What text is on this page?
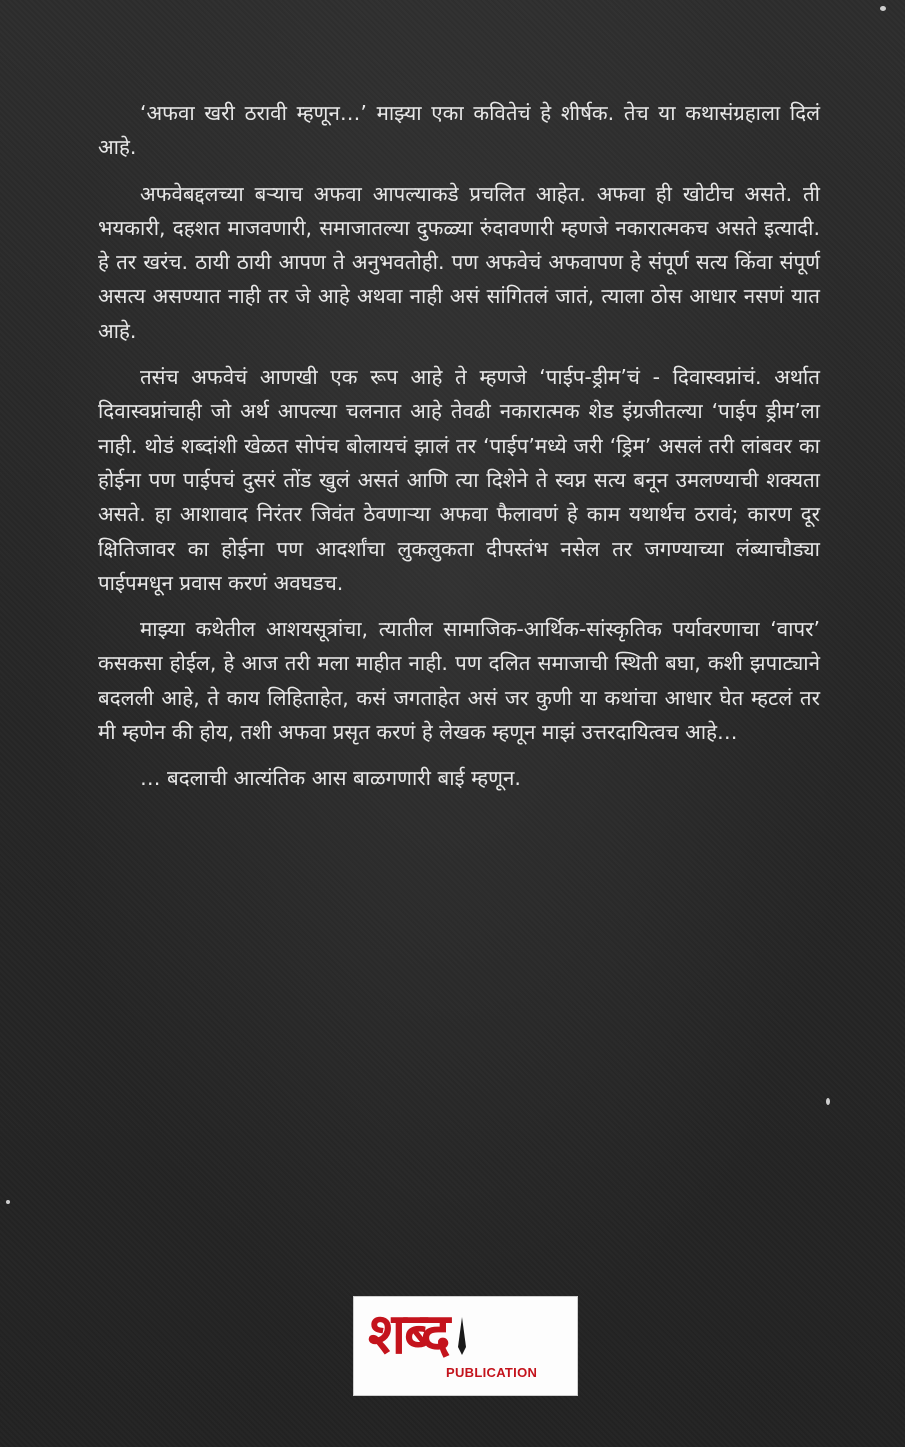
‘अफवा खरी ठरावी म्हणून…’ माझ्या एका कवितेचं हे शीर्षक. तेच या कथासंग्रहाला दिलं आहे.

अफवेबद्दलच्या बऱ्याच अफवा आपल्याकडे प्रचलित आहेत. अफवा ही खोटीच असते. ती भयकारी, दहशत माजवणारी, समाजातल्या दुफळ्या रुंदावणारी म्हणजे नकारात्मकच असते इत्यादी. हे तर खरंच. ठायी ठायी आपण ते अनुभवतोही. पण अफवेचं अफवापण हे संपूर्ण सत्य किंवा संपूर्ण असत्य असण्यात नाही तर जे आहे अथवा नाही असं सांगितलं जातं, त्याला ठोस आधार नसणं यात आहे.

तसंच अफवेचं आणखी एक रूप आहे ते म्हणजे ‘पाईप-ड्रीम’चं - दिवास्वप्नांचं. अर्थात दिवास्वप्नांचाही जो अर्थ आपल्या चलनात आहे तेवढी नकारात्मक शेड इंग्रजीतल्या ‘पाईप ड्रीम’ला नाही. थोडं शब्दांशी खेळत सोपंच बोलायचं झालं तर ‘पाईप’मध्ये जरी ‘ड्रिम’ असलं तरी लांबवर का होईना पण पाईपचं दुसरं तोंड खुलं असतं आणि त्या दिशेने ते स्वप्न सत्य बनून उमलण्याची शक्यता असते. हा आशावाद निरंतर जिवंत ठेवणाऱ्या अफवा फैलावणं हे काम यथार्थच ठरावं; कारण दूर क्षितिजावर का होईना पण आदर्शांचा लुकलुकता दीपस्तंभ नसेल तर जगण्याच्या लंब्याचौड्या पाईपमधून प्रवास करणं अवघडच.

माझ्या कथेतील आशयसूत्रांचा, त्यातील सामाजिक-आर्थिक-सांस्कृतिक पर्यावरणाचा ‘वापर’ कसकसा होईल, हे आज तरी मला माहीत नाही. पण दलित समाजाची स्थिती बघा, कशी झपाट्याने बदलली आहे, ते काय लिहिताहेत, कसं जगताहेत असं जर कुणी या कथांचा आधार घेत म्हटलं तर मी म्हणेन की होय, तशी अफवा प्रसृत करणं हे लेखक म्हणून माझं उत्तरदायित्वच आहे…

… बदलाची आत्यंतिक आस बाळगणारी बाई म्हणून.

शब्द
PUBLICATION
